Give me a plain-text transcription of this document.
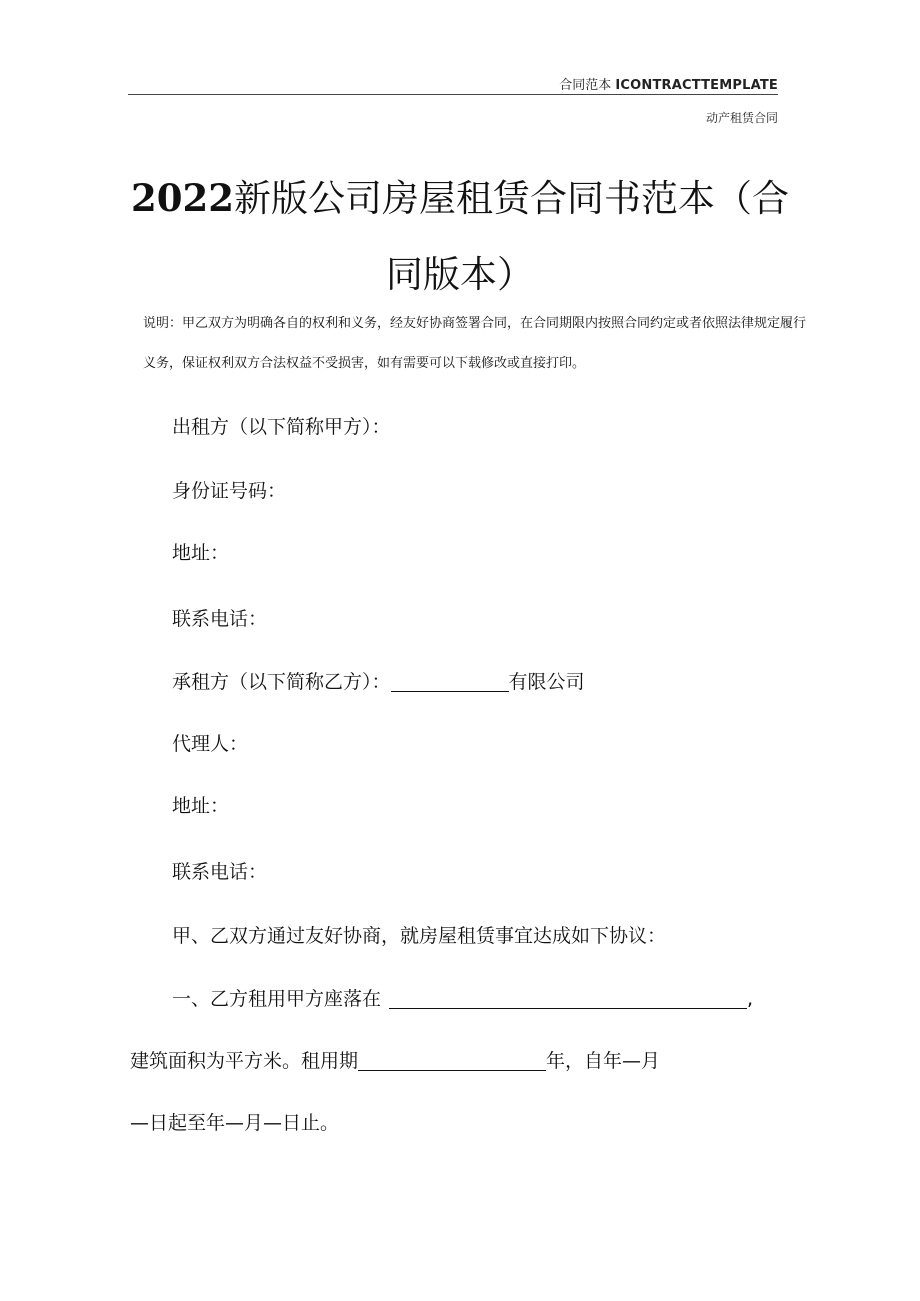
合同范本 ICONTRACTTEMPLATE
动产租赁合同
2022新版公司房屋租赁合同书范本（合同版本）
说明：甲乙双方为明确各自的权利和义务，经友好协商签署合同，在合同期限内按照合同约定或者依照法律规定履行义务，保证权利双方合法权益不受损害，如有需要可以下载修改或直接打印。
出租方（以下简称甲方）：
身份证号码：
地址：
联系电话：
承租方（以下简称乙方）：	有限公司
代理人：
地址：
联系电话：
甲、乙双方通过友好协商，就房屋租赁事宜达成如下协议：
一、乙方租用甲方座落在	,
建筑面积为平方米。租用期	年，自年—月
—日起至年—月—日止。
